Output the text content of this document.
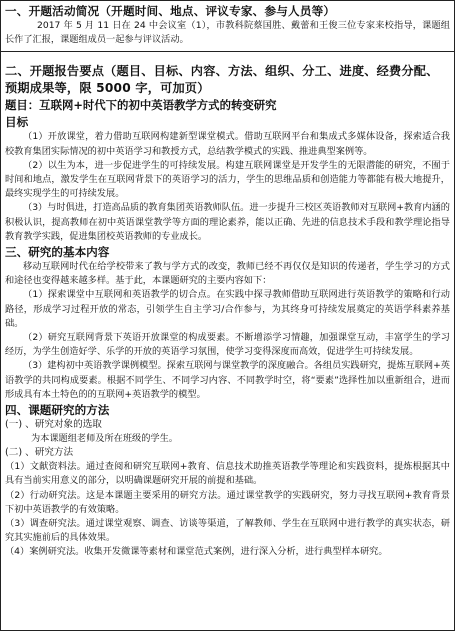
一、开题活动简况（开题时间、地点、评议专家、参与人员等）
2017 年 5 月 11 日在 24 中会议室（1），市教科院蔡国胜、戴蕾和王俊三位专家来校指导，课题组长作了汇报，课题组成员一起参与评议活动。
二、开题报告要点（题目、目标、内容、方法、组织、分工、进度、经费分配、预期成果等，限 5000 字，可加页）
题目：互联网+时代下的初中英语教学方式的转变研究
目标
（1）开放课堂，着力借助互联网构建新型课堂模式。借助互联网平台和集成式多媒体设备，探索适合我校教育集团实际情况的初中英语学习和教授方式，总结教学模式的实践、推进典型案例等。
（2）以生为本，进一步促进学生的可持续发展。构建互联网课堂是开发学生的无限潜能的研究，不囿于时间和地点，激发学生在互联网背景下的英语学习的活力，学生的思维品质和创造能力等都能有极大地提升，最终实现学生的可持续发展。
（3）与时俱进，打造高品质的教育集团英语教师队伍。进一步提升三校区英语教师对互联网+教育内涵的积极认识，提高教师在初中英语课堂教学等方面的理论素养，能以正确、先进的信息技术手段和教学理论指导教育教学实践，促进集团校英语教师的专业成长。
三、研究的基本内容
移动互联网时代在给学校带来了教与学方式的改变，教师已经不再仅仅是知识的传递者，学生学习的方式和途径也变得越来越多样。基于此，本课题研究的主要内容如下：
（1）探索课堂中互联网和英语教学的切合点。在实践中探寻教师借助互联网进行英语教学的策略和行动路径，形成学习过程开放的常态，引领学生自主学习/合作参与，为其终身可持续发展奠定的英语学科素养基础。
（2）研究互联网背景下英语开放课堂的构成要素。不断增添学习情趣，加强课堂互动，丰富学生的学习经历，为学生创造好学、乐学的开放的英语学习氛围，使学习变得深度而高效，促进学生可持续发展。
（3）建构初中英语教学课例模型。探索互联网与课堂教学的深度融合。各组员实践研究，提炼互联网+英语教学的共同构成要素。根据不同学生、不同学习内容、不同教学时空，将“要素”选择性加以重新组合，进而形成具有本土特色的的互联网+英语教学的模型。
四、课题研究的方法
(一) 、研究对象的选取
为本课题组老师及所在班级的学生。
(二) 、研究方法
（1）文献资料法。通过查阅和研究互联网+教育、信息技术助推英语教学等理论和实践资料，提炼根据其中具有当前实用意义的部分，以明确课题研究开展的前提和基础。
（2）行动研究法。这是本课题主要采用的研究方法。通过课堂教学的实践研究，努力寻找互联网+教育背景下初中英语教学的有效策略。
（3）调查研究法。通过课堂观察、调查、访谈等渠道，了解教师、学生在互联网中进行教学的真实状态，研究其实施前后的具体效果。
（4）案例研究法。收集开发微课等素材和课堂范式案例，进行深入分析，进行典型样本研究。
